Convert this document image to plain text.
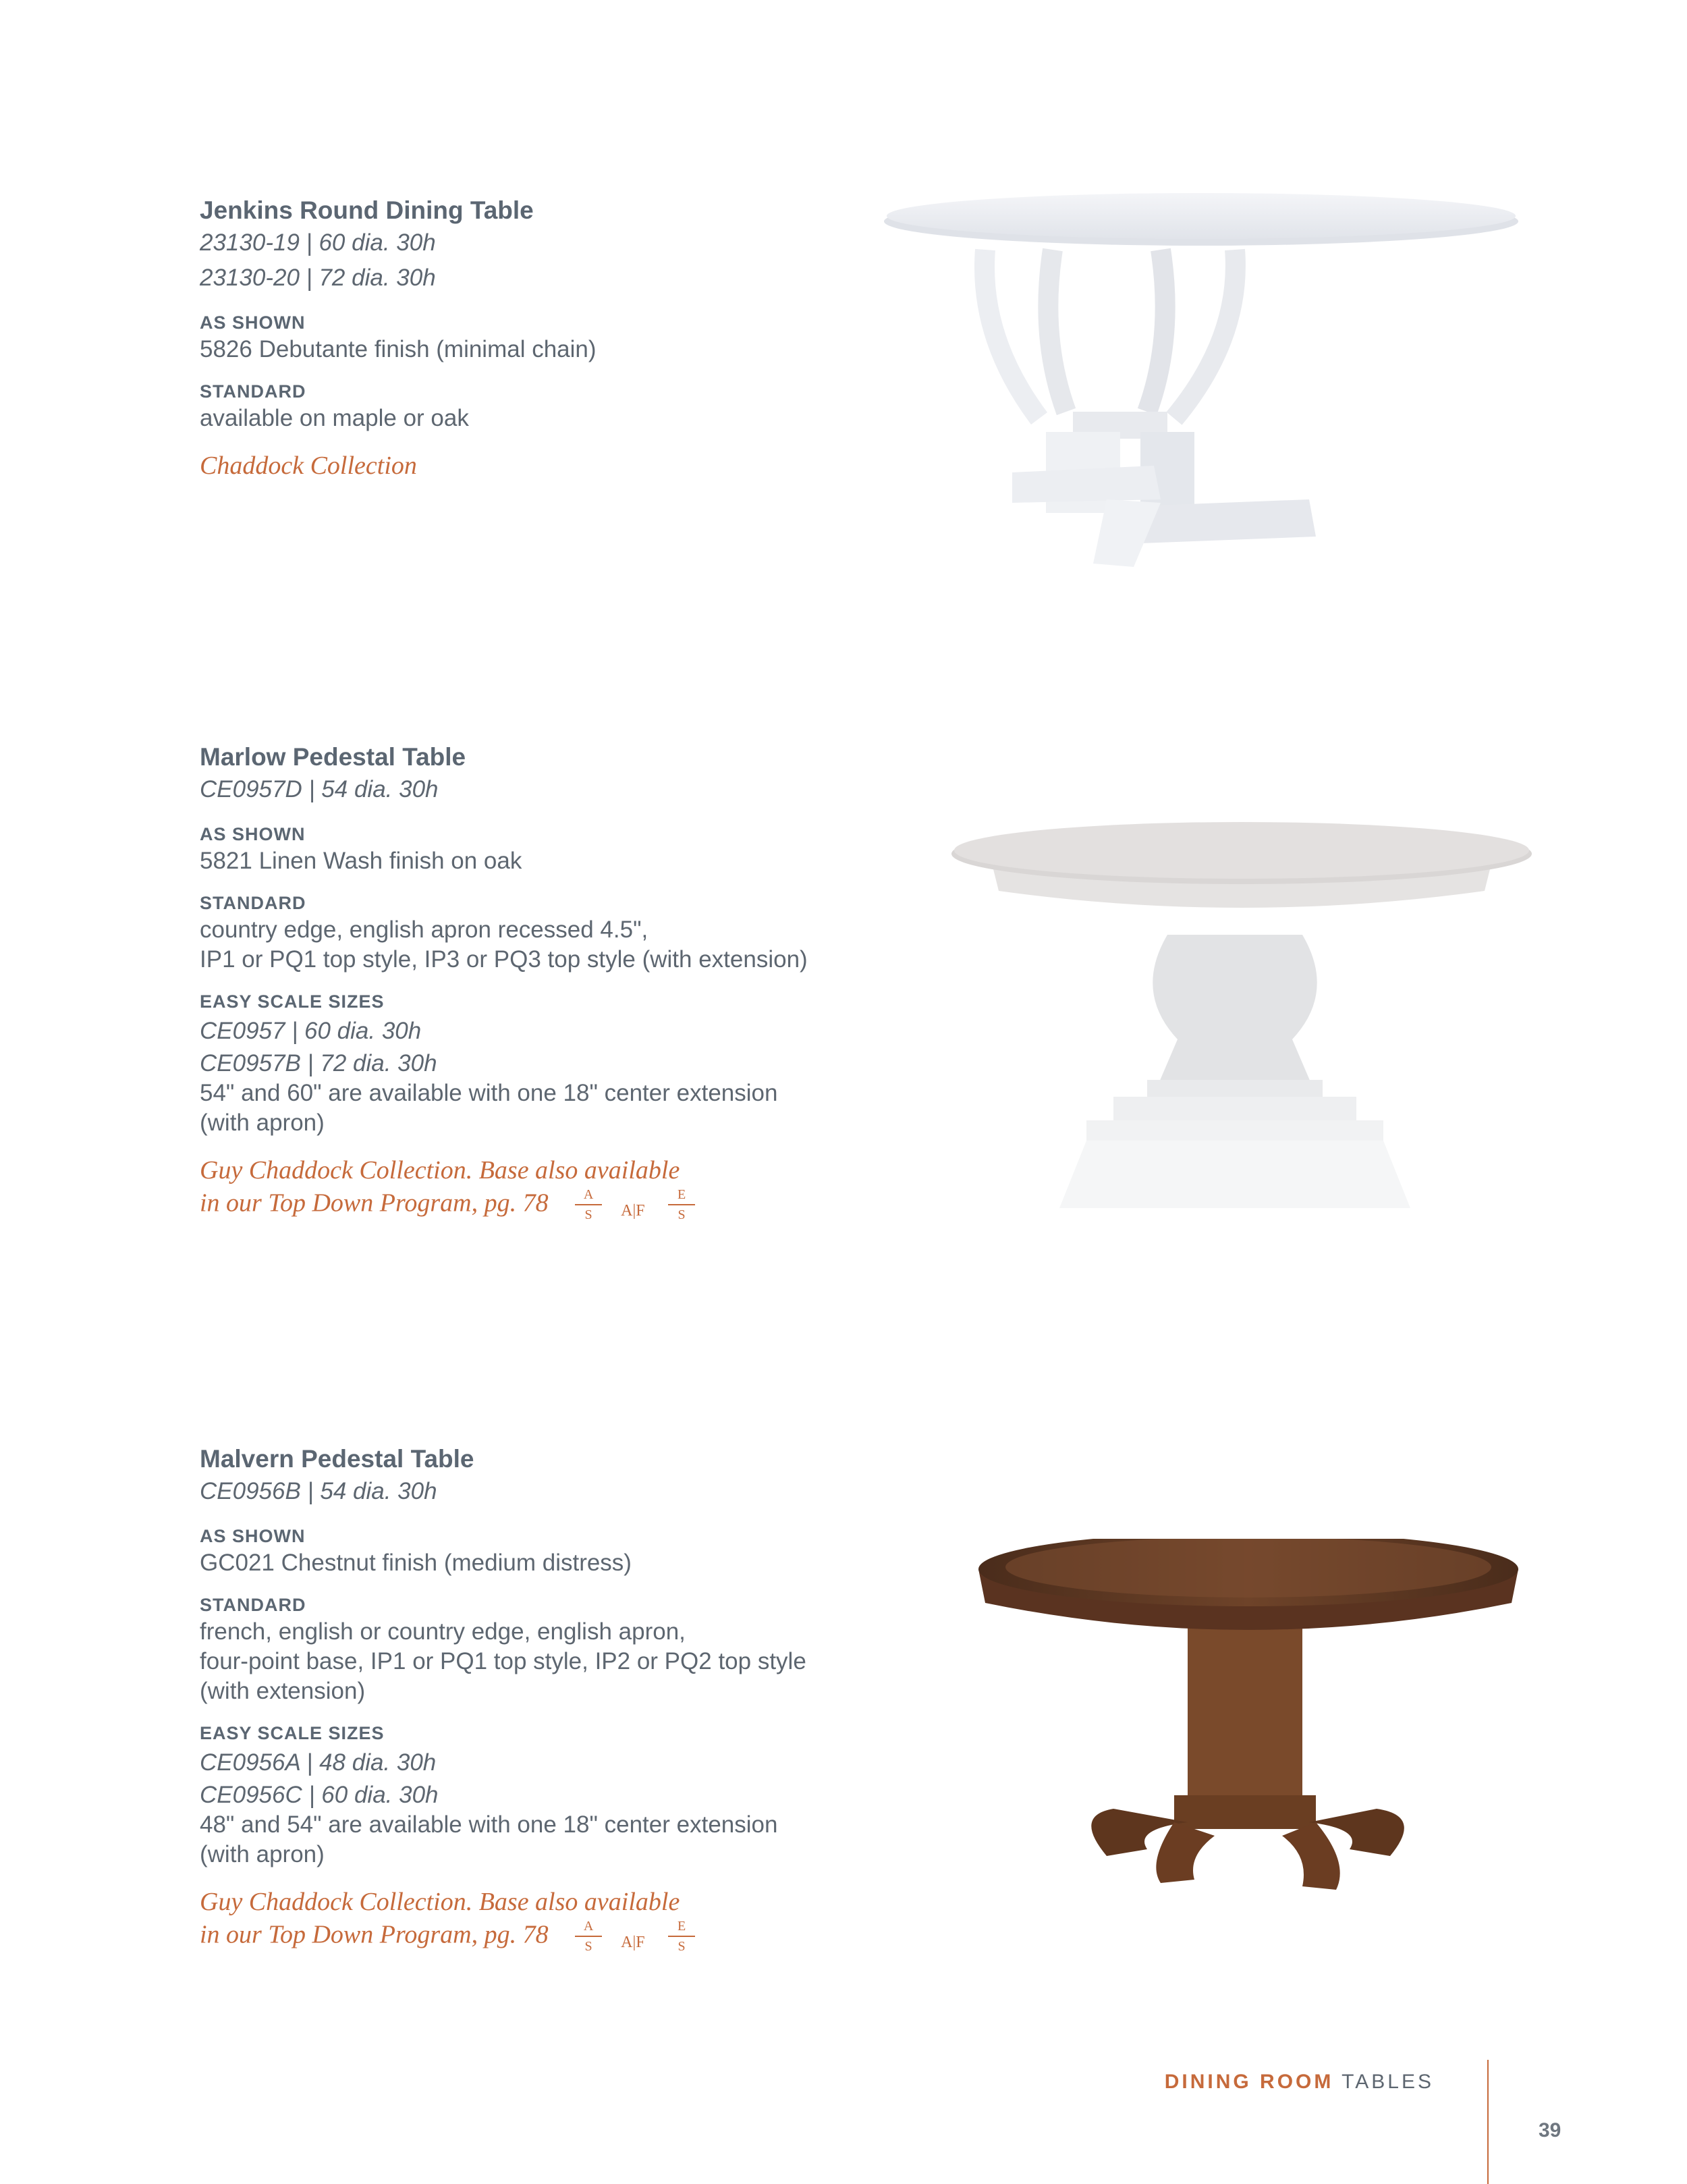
Jenkins Round Dining Table
23130-19 | 60 dia. 30h
23130-20 | 72 dia. 30h
AS SHOWN
5826 Debutante finish (minimal chain)
STANDARD
available on maple or oak
Chaddock Collection
Marlow Pedestal Table
CE0957D | 54 dia. 30h
AS SHOWN
5821 Linen Wash finish on oak
STANDARD
country edge, english apron recessed 4.5",
IP1 or PQ1 top style, IP3 or PQ3 top style (with extension)
EASY SCALE SIZES
CE0957 | 60 dia. 30h
CE0957B | 72 dia. 30h
54" and 60" are available with one 18" center extension
(with apron)
Guy Chaddock Collection. Base also available
in our Top Down Program, pg. 78	A
S	A|F
E
S
Malvern Pedestal Table
CE0956B | 54 dia. 30h
AS SHOWN
GC021 Chestnut finish (medium distress)
STANDARD
french, english or country edge, english apron,
four-point base, IP1 or PQ1 top style, IP2 or PQ2 top style
(with extension)
EASY SCALE SIZES
CE0956A | 48 dia. 30h
CE0956C | 60 dia. 30h
48" and 54" are available with one 18" center extension
(with apron)
Guy Chaddock Collection. Base also available
in our Top Down Program, pg. 78	A
S	A|F
E
S
DINING ROOM TABLES
39
